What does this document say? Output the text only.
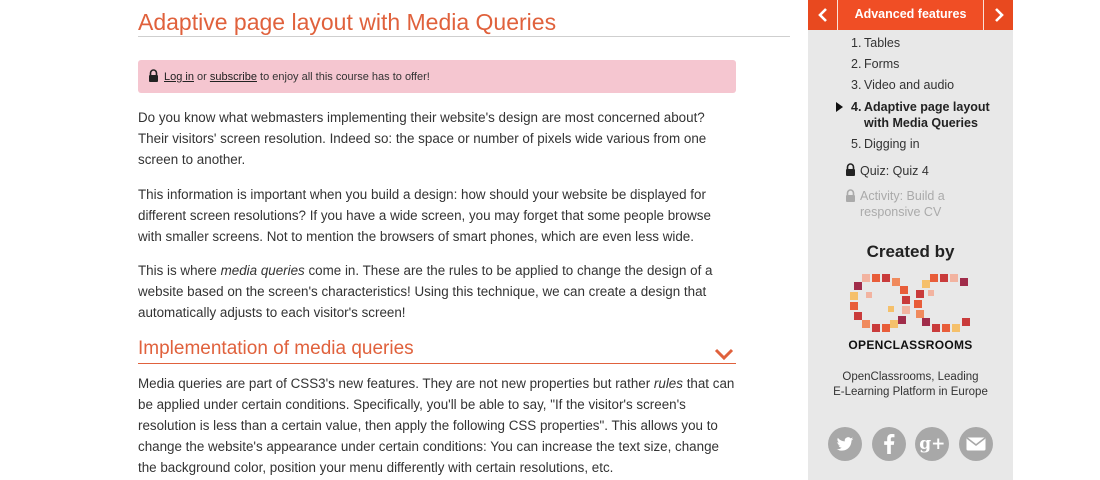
Adaptive page layout with Media Queries
Log in
or
subscribe
to enjoy all this course has to offer!

Do you know what webmasters implementing their website's design are most concerned about? Their visitors' screen resolution. Indeed so: the space or number of pixels wide various from one screen to another.

This information is important when you build a design: how should your website be displayed for different screen resolutions? If you have a wide screen, you may forget that some people browse with smaller screens. Not to mention the browsers of smart phones, which are even less wide.

This is where media queries come in. These are the rules to be applied to change the design of a website based on the screen's characteristics! Using this technique, we can create a design that automatically adjusts to each visitor's screen!

Implementation of media queries

Media queries are part of CSS3's new features. They are not new properties but rather rules that can be applied under certain conditions. Specifically, you'll be able to say, "If the visitor's screen's resolution is less than a certain value, then apply the following CSS properties". This allows you to change the website's appearance under certain conditions: You can increase the text size, change the background color, position your menu differently with certain resolutions, etc.

Advanced features
1. Tables
2. Forms
3. Video and audio
4. Adaptive page layout with Media Queries
5. Digging in
Quiz: Quiz 4
Activity: Build a responsive CV
Created by
OPENCLASSROOMS
OpenClassrooms, Leading
E-Learning Platform in Europe
g+
